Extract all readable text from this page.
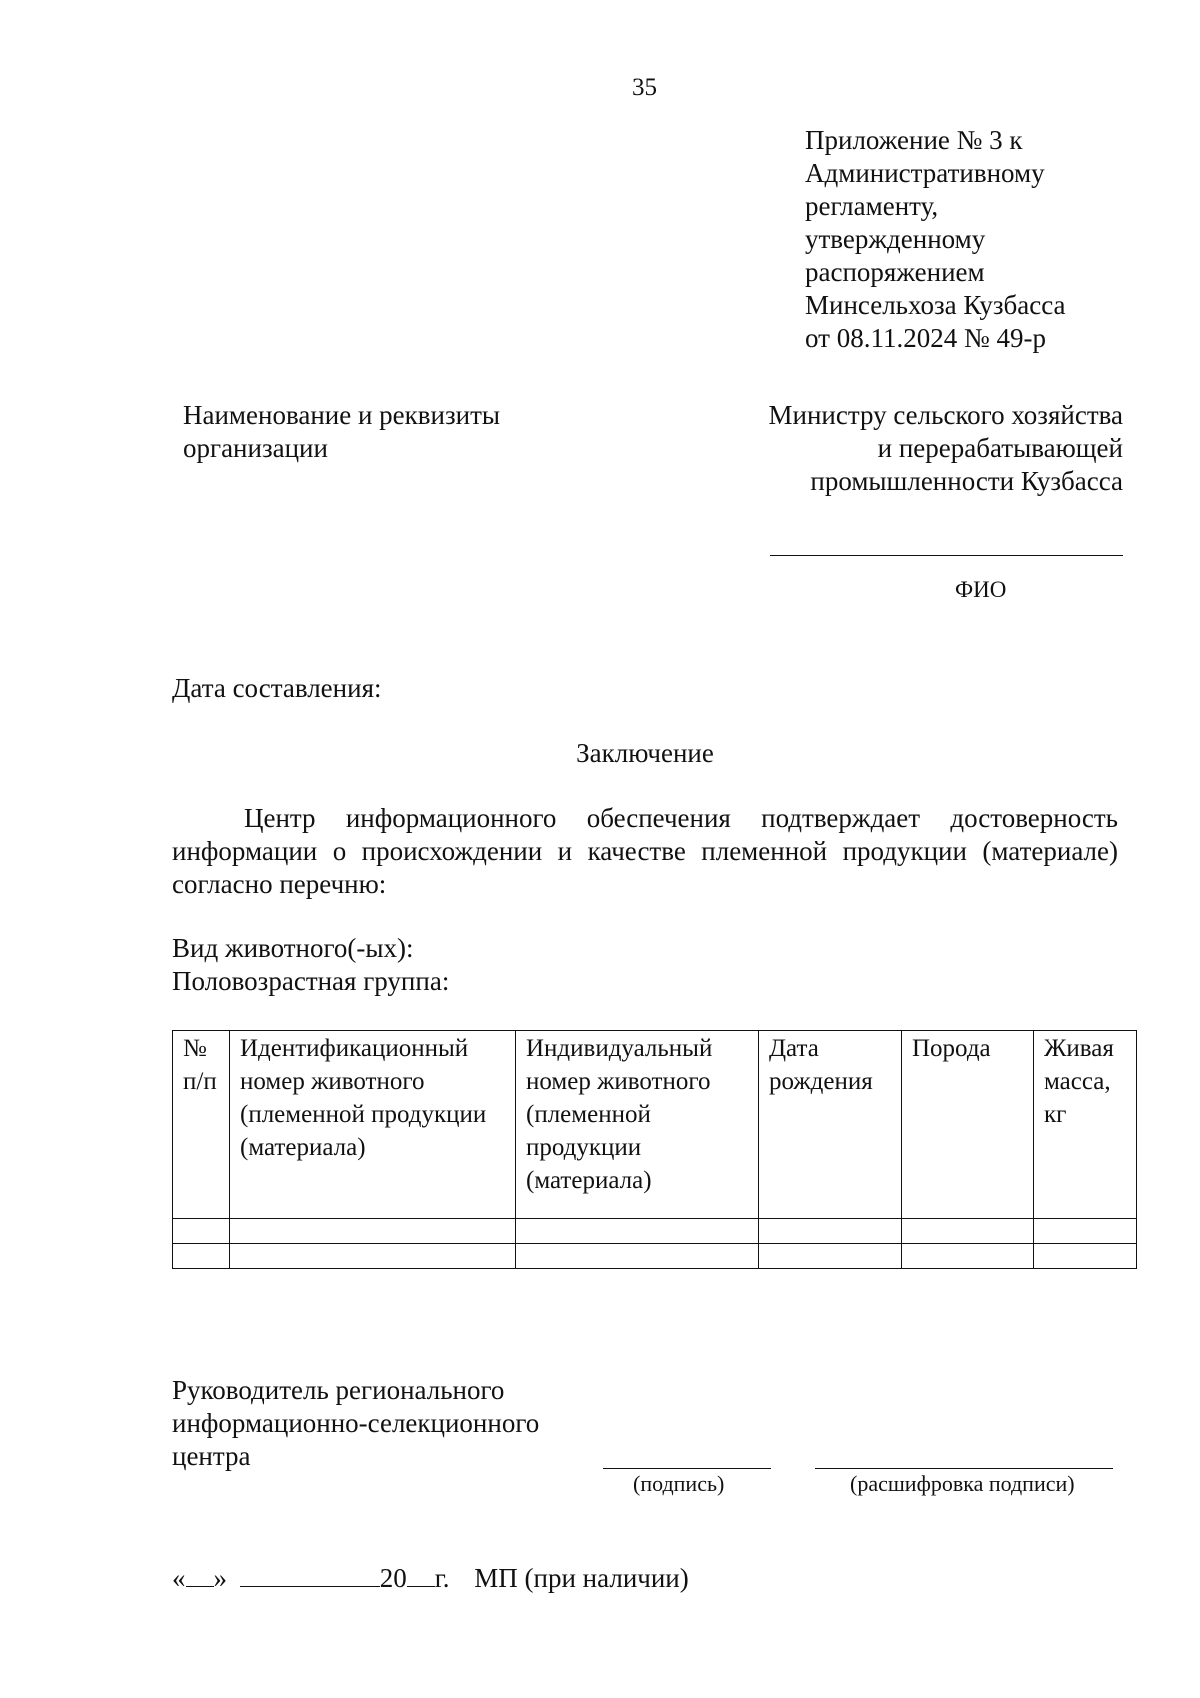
35
Приложение № 3 к
Административному
регламенту,
утвержденному
распоряжением
Минсельхоза Кузбасса
от 08.11.2024 № 49-р
Наименование и реквизиты
организации
Министру сельского хозяйства
и перерабатывающей
промышленности Кузбасса
ФИО
Дата составления:
Заключение
Центр информационного обеспечения подтверждает достоверность
информации о происхождении и качестве племенной продукции (материале)
согласно перечню:
Вид животного(-ых):
Половозрастная группа:
№ п/п	Идентификационный номер животного (племенной продукции (материала)	Индивидуальный номер животного (племенной продукции (материала)	Дата рождения	Порода	Живая масса, кг

Руководитель регионального
информационно-селекционного
центра
(подпись)	(расшифровка подписи)
« »	20 г. МП (при наличии)
